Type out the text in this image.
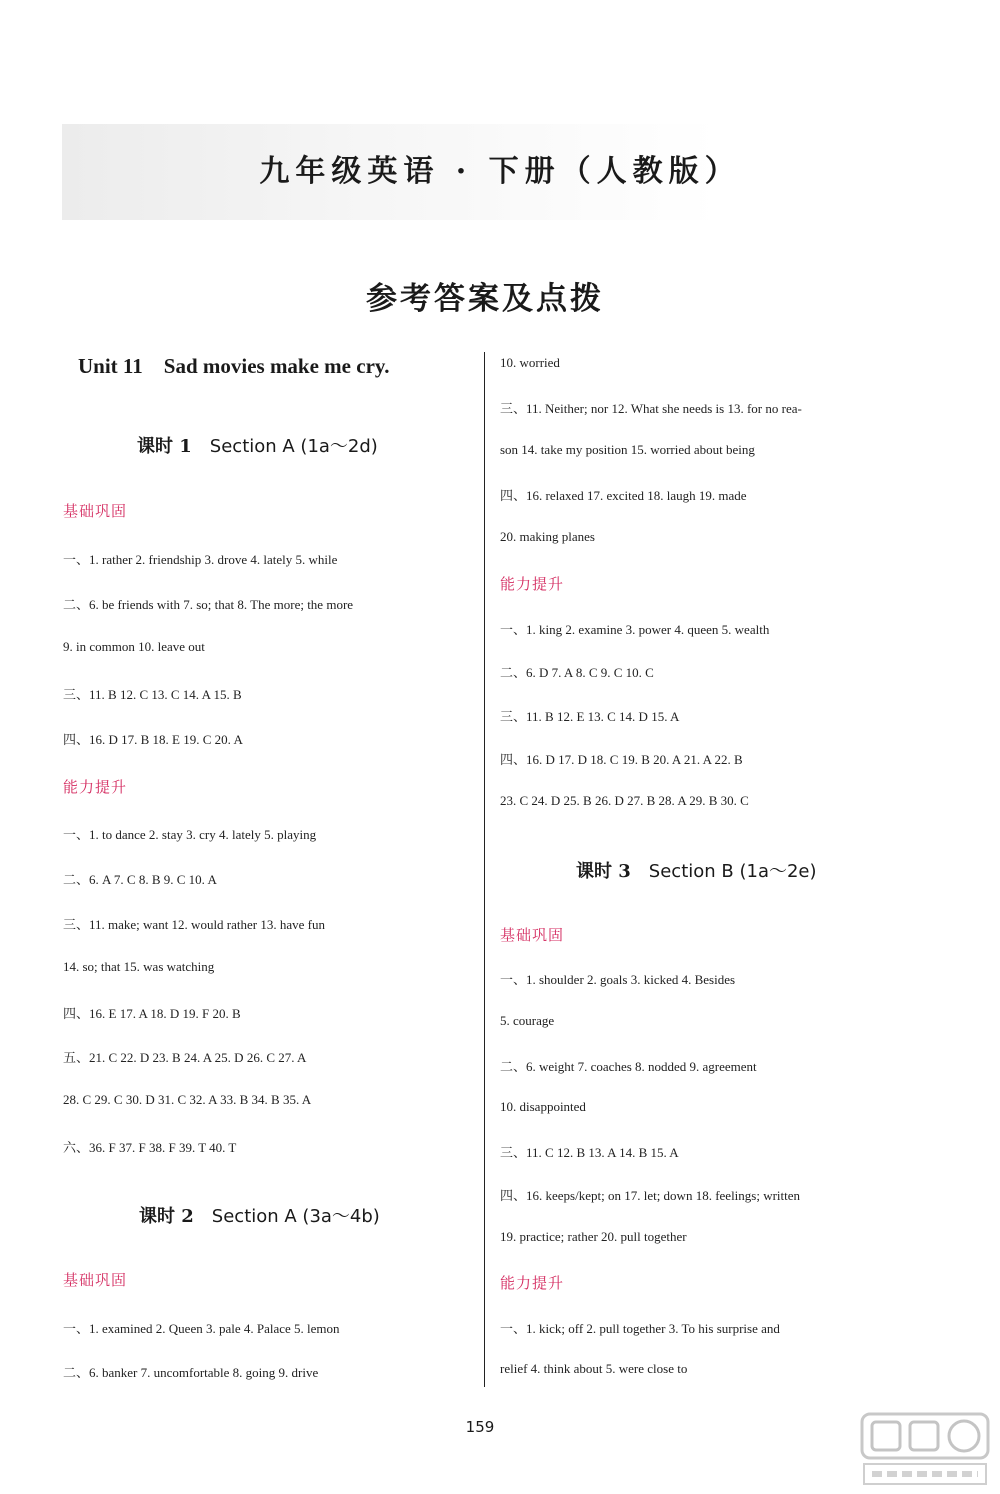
九年级英语 · 下册（人教版）
参考答案及点拨
Unit 11    Sad movies make me cry.
课时 1 Section A (1a～2d)
基础巩固
一、1. rather 2. friendship 3. drove 4. lately 5. while
二、6. be friends with 7. so; that 8. The more; the more
9. in common 10. leave out
三、11. B 12. C 13. C 14. A 15. B
四、16. D 17. B 18. E 19. C 20. A
能力提升
一、1. to dance 2. stay 3. cry 4. lately 5. playing
二、6. A 7. C 8. B 9. C 10. A
三、11. make; want 12. would rather 13. have fun
14. so; that 15. was watching
四、16. E 17. A 18. D 19. F 20. B
五、21. C 22. D 23. B 24. A 25. D 26. C 27. A
28. C 29. C 30. D 31. C 32. A 33. B 34. B 35. A
六、36. F 37. F 38. F 39. T 40. T
课时 2 Section A (3a～4b)
基础巩固
一、1. examined 2. Queen 3. pale 4. Palace 5. lemon
二、6. banker 7. uncomfortable 8. going 9. drive
10. worried
三、11. Neither; nor 12. What she needs is 13. for no rea-
son 14. take my position 15. worried about being
四、16. relaxed 17. excited 18. laugh 19. made
20. making planes
能力提升
一、1. king 2. examine 3. power 4. queen 5. wealth
二、6. D 7. A 8. C 9. C 10. C
三、11. B 12. E 13. C 14. D 15. A
四、16. D 17. D 18. C 19. B 20. A 21. A 22. B
23. C 24. D 25. B 26. D 27. B 28. A 29. B 30. C
课时 3 Section B (1a～2e)
基础巩固
一、1. shoulder 2. goals 3. kicked 4. Besides
5. courage
二、6. weight 7. coaches 8. nodded 9. agreement
10. disappointed
三、11. C 12. B 13. A 14. B 15. A
四、16. keeps/kept; on 17. let; down 18. feelings; written
19. practice; rather 20. pull together
能力提升
一、1. kick; off 2. pull together 3. To his surprise and
relief 4. think about 5. were close to
159
